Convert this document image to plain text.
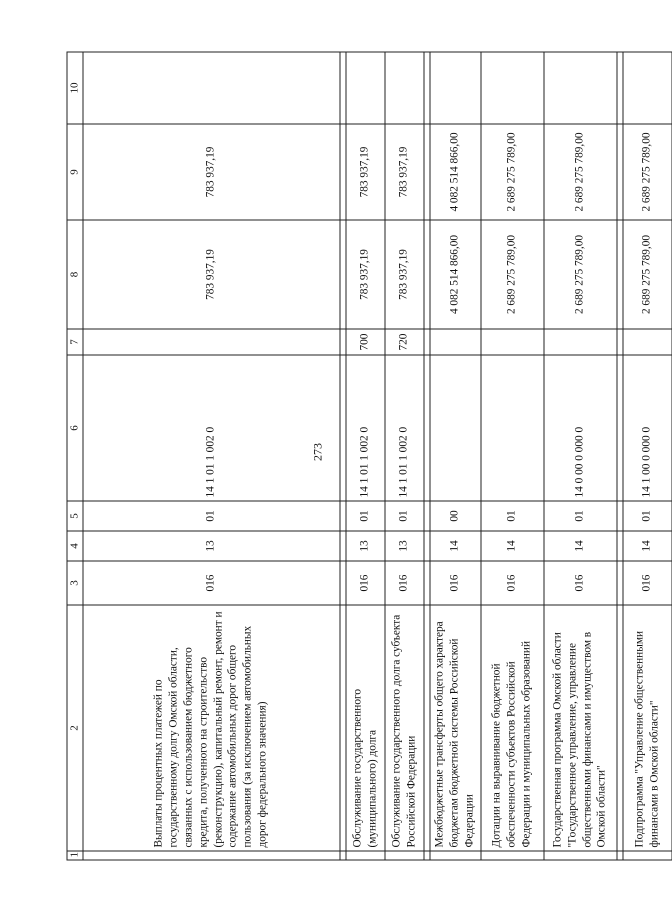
273
1	2	3	4	5	6	7	8	9	10
	Выплаты процентных платежей по государственному долгу Омской области, связанных с использованием бюджетного кредита, полученного на строительство (реконструкцию), капитальный ремонт, ремонт и содержание автомобильных дорог общего пользования (за исключением автомобильных дорог федерального значения)	016	13	01	14 1 01 1 002 0		783 937,19	783 937,19	

	Обслуживание государственного (муниципального) долга	016	13	01	14 1 01 1 002 0	700	783 937,19	783 937,19	
	Обслуживание государственного долга субъекта Российской Федерации	016	13	01	14 1 01 1 002 0	720	783 937,19	783 937,19	

	Межбюджетные трансферты общего характера бюджетам бюджетной системы Российской Федерации	016	14	00			4 082 514 866,00	4 082 514 866,00	
	Дотации на выравнивание бюджетной обеспеченности субъектов Российской Федерации и муниципальных образований	016	14	01			2 689 275 789,00	2 689 275 789,00	
	Государственная программа Омской области "Государственное управление, управление общественными финансами и имуществом в Омской области"	016	14	01	14 0 00 0 000 0		2 689 275 789,00	2 689 275 789,00	

	Подпрограмма "Управление общественными финансами в Омской области"	016	14	01	14 1 00 0 000 0		2 689 275 789,00	2 689 275 789,00	
